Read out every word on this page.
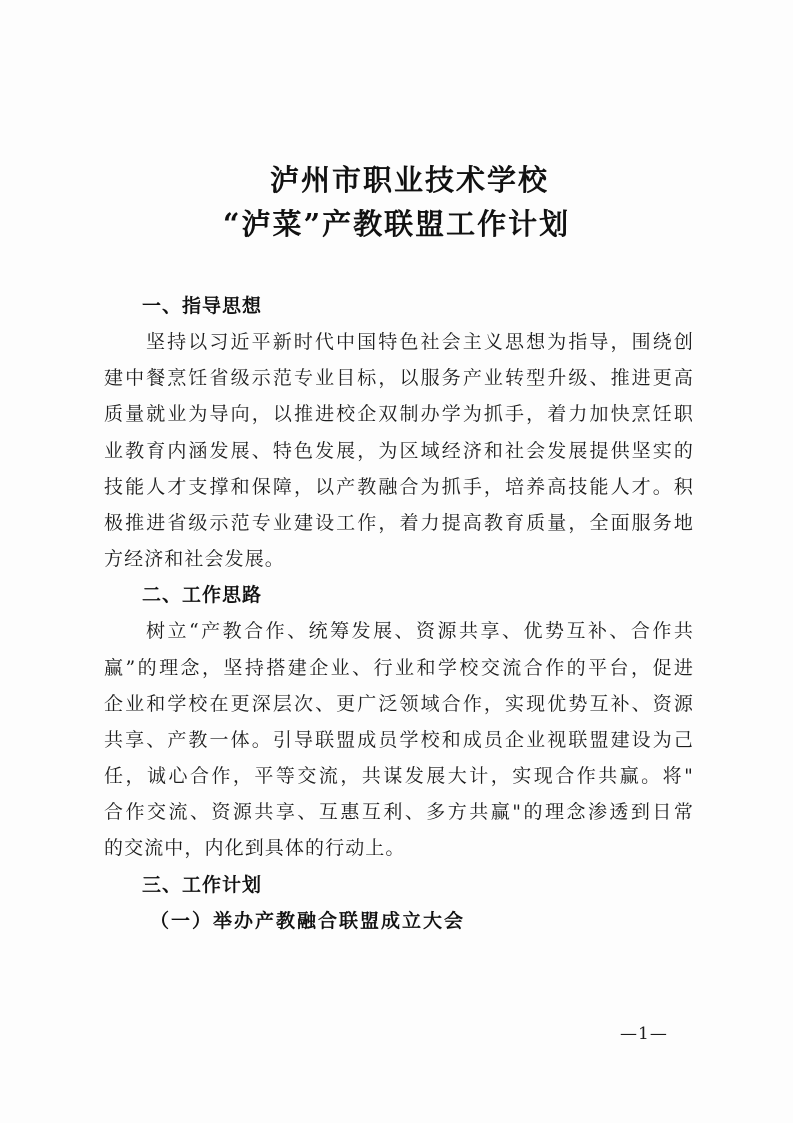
泸州市职业技术学校
“泸菜”产教联盟工作计划
一、指导思想
坚持以习近平新时代中国特色社会主义思想为指导，围绕创
建中餐烹饪省级示范专业目标，以服务产业转型升级、推进更高
质量就业为导向，以推进校企双制办学为抓手，着力加快烹饪职
业教育内涵发展、特色发展，为区域经济和社会发展提供坚实的
技能人才支撑和保障，以产教融合为抓手，培养高技能人才。积
极推进省级示范专业建设工作，着力提高教育质量，全面服务地
方经济和社会发展。
二、工作思路
树立“产教合作、统筹发展、资源共享、优势互补、合作共
赢”的理念，坚持搭建企业、行业和学校交流合作的平台，促进
企业和学校在更深层次、更广泛领域合作，实现优势互补、资源
共享、产教一体。引导联盟成员学校和成员企业视联盟建设为己
任，诚心合作，平等交流，共谋发展大计，实现合作共赢。将"
合作交流、资源共享、互惠互利、多方共赢"的理念渗透到日常
的交流中，内化到具体的行动上。
三、工作计划
（一）举办产教融合联盟成立大会
—1—
